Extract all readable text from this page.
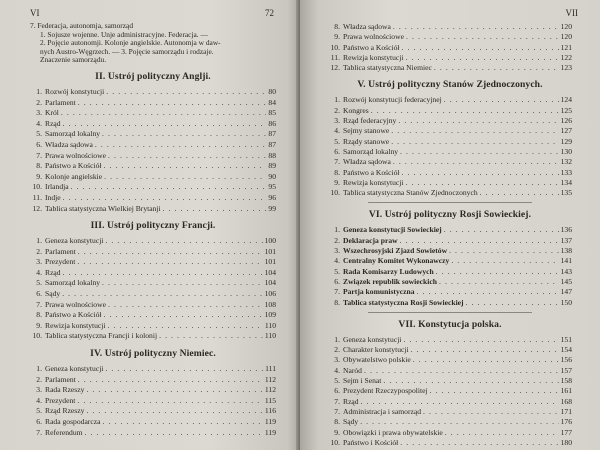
VI	72
7. Federacja, autonomja, samorząd
1. Sojusze wojenne. Unje administracyjne. Federacja. —
2. Pojęcie autonomji. Kolonje angielskie. Autonomja w daw-
nych Austro-Węgrzech. — 3. Pojęcie samorządu i rodzaje.
Znaczenie samorządu.
II. Ustrój polityczny Anglji.
1. Rozwój konstytucji . . .	80
2. Parlament . . .	84
3. Król . . .	85
4. Rząd . . .	86
5. Samorząd lokalny . . .	87
6. Władza sądowa . . .	87
7. Prawa wolnościowe . . .	88
8. Państwo a Kościół . . .	89
9. Kolonje angielskie . . .	90
10. Irlandja . . .	95
11. Indje . . .	96
12. Tablica statystyczna Wielkiej Brytanji . . .	99
III. Ustrój polityczny Francji.
1. Geneza konstytucji . . .	100
2. Parlament . . .	101
3. Prezydent . . .	101
4. Rząd . . .	104
5. Samorząd lokalny . . .	104
6. Sądy . . .	106
7. Prawa wolnościowe . . .	108
8. Państwo a Kościół . . .	109
9. Rewizja konstytucji . . .	110
10. Tablica statystyczna Francji i kolonij . . .	110
IV. Ustrój polityczny Niemiec.
1. Geneza konstytucji . . .	111
2. Parlament . . .	112
3. Rada Rzeszy . . .	112
4. Prezydent . . .	115
5. Rząd Rzeszy . . .	116
6. Rada gospodarcza . . .	119
7. Referendum . . .	119
VII
8. Władza sądowa . . .	120
9. Prawa wolnościowe . . .	120
10. Państwo a Kościół . . .	121
11. Rewizja konstytucji . . .	122
12. Tablica statystyczna Niemiec . . .	123
V. Ustrój polityczny Stanów Zjednoczonych.
1. Rozwój konstytucji federacyjnej . . .	124
2. Kongres . . .	125
3. Rząd federacyjny . . .	126
4. Sejmy stanowe . . .	127
5. Rządy stanowe . . .	129
6. Samorząd lokalny . . .	130
7. Władza sądowa . . .	132
8. Państwo a Kościół . . .	133
9. Rewizja konstytucji . . .	134
10. Tablica statystyczna Stanów Zjednoczonych . . .	135
VI. Ustrój polityczny Rosji Sowieckiej.
1. Geneza konstytucji Sowieckiej . . .	136
2. Deklaracja praw . . .	137
3. Wszechrosyjski Zjazd Sowietów . . .	138
4. Centralny Komitet Wykonawczy . . .	141
5. Rada Komisarzy Ludowych . . .	143
6. Związek republik sowieckich . . .	145
7. Partja komunistyczna . . .	147
8. Tablica statystyczna Rosji Sowieckiej . . .	150
VII. Konstytucja polska.
1. Geneza konstytucji . . .	151
2. Charakter konstytucji . . .	154
3. Obywatelstwo polskie . . .	156
4. Naród . . .	157
5. Sejm i Senat . . .	158
6. Prezydent Rzeczypospolitej . . .	161
7. Rząd . . .	168
7. Administracja i samorząd . . .	171
8. Sądy . . .	176
9. Obowiązki i prawa obywatelskie . . .	177
10. Państwo i Kościół . . .	180
